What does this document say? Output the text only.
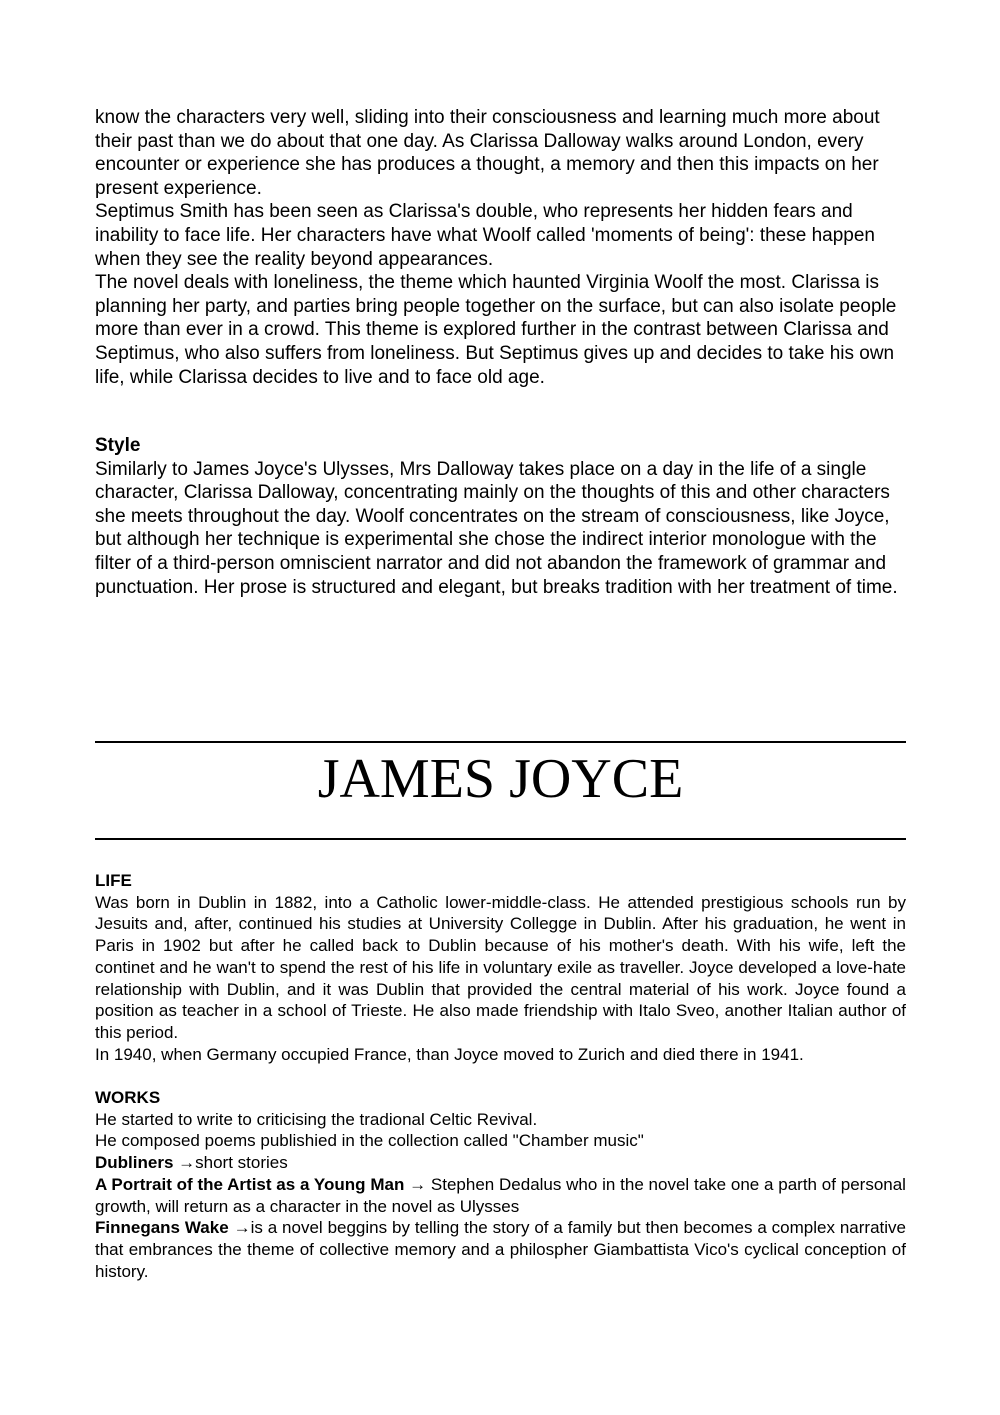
know the characters very well, sliding into their consciousness and learning much more about their past than we do about that one day. As Clarissa Dalloway walks around London, every encounter or experience she has produces a thought, a memory and then this impacts on her present experience.

Septimus Smith has been seen as Clarissa's double, who represents her hidden fears and inability to face life. Her characters have what Woolf called 'moments of being': these happen when they see the reality beyond appearances.

The novel deals with loneliness, the theme which haunted Virginia Woolf the most. Clarissa is planning her party, and parties bring people together on the surface, but can also isolate people more than ever in a crowd. This theme is explored further in the contrast between Clarissa and Septimus, who also suffers from loneliness. But Septimus gives up and decides to take his own life, while Clarissa decides to live and to face old age.

Style

Similarly to James Joyce's Ulysses, Mrs Dalloway takes place on a day in the life of a single character, Clarissa Dalloway, concentrating mainly on the thoughts of this and other characters she meets throughout the day. Woolf concentrates on the stream of consciousness, like Joyce, but although her technique is experimental she chose the indirect interior monologue with the filter of a third-person omniscient narrator and did not abandon the framework of grammar and punctuation. Her prose is structured and elegant, but breaks tradition with her treatment of time.

JAMES JOYCE

LIFE

Was born in Dublin in 1882, into a Catholic lower-middle-class. He attended prestigious schools run by Jesuits and, after, continued his studies at University Collegge in Dublin. After his graduation, he went in Paris in 1902 but after he called back to Dublin because of his mother's death. With his wife, left the continet and he wan't to spend the rest of his life in voluntary exile as traveller. Joyce developed a love-hate relationship with Dublin, and it was Dublin that provided the central material of his work. Joyce found a position as teacher in a school of Trieste. He also made friendship with Italo Sveo, another Italian author of this period.

In 1940, when Germany occupied France, than Joyce moved to Zurich and died there in 1941.

WORKS

He started to write to criticising the tradional Celtic Revival.

He composed poems publishied in the collection called "Chamber music"

Dubliners →short stories

A Portrait of the Artist as a Young Man → Stephen Dedalus who in the novel take one a parth of personal growth, will return as a character in the novel as Ulysses

Finnegans Wake →is a novel beggins by telling the story of a family but then becomes a complex narrative that embrances the theme of collective memory and a philospher Giambattista Vico's cyclical conception of history.
